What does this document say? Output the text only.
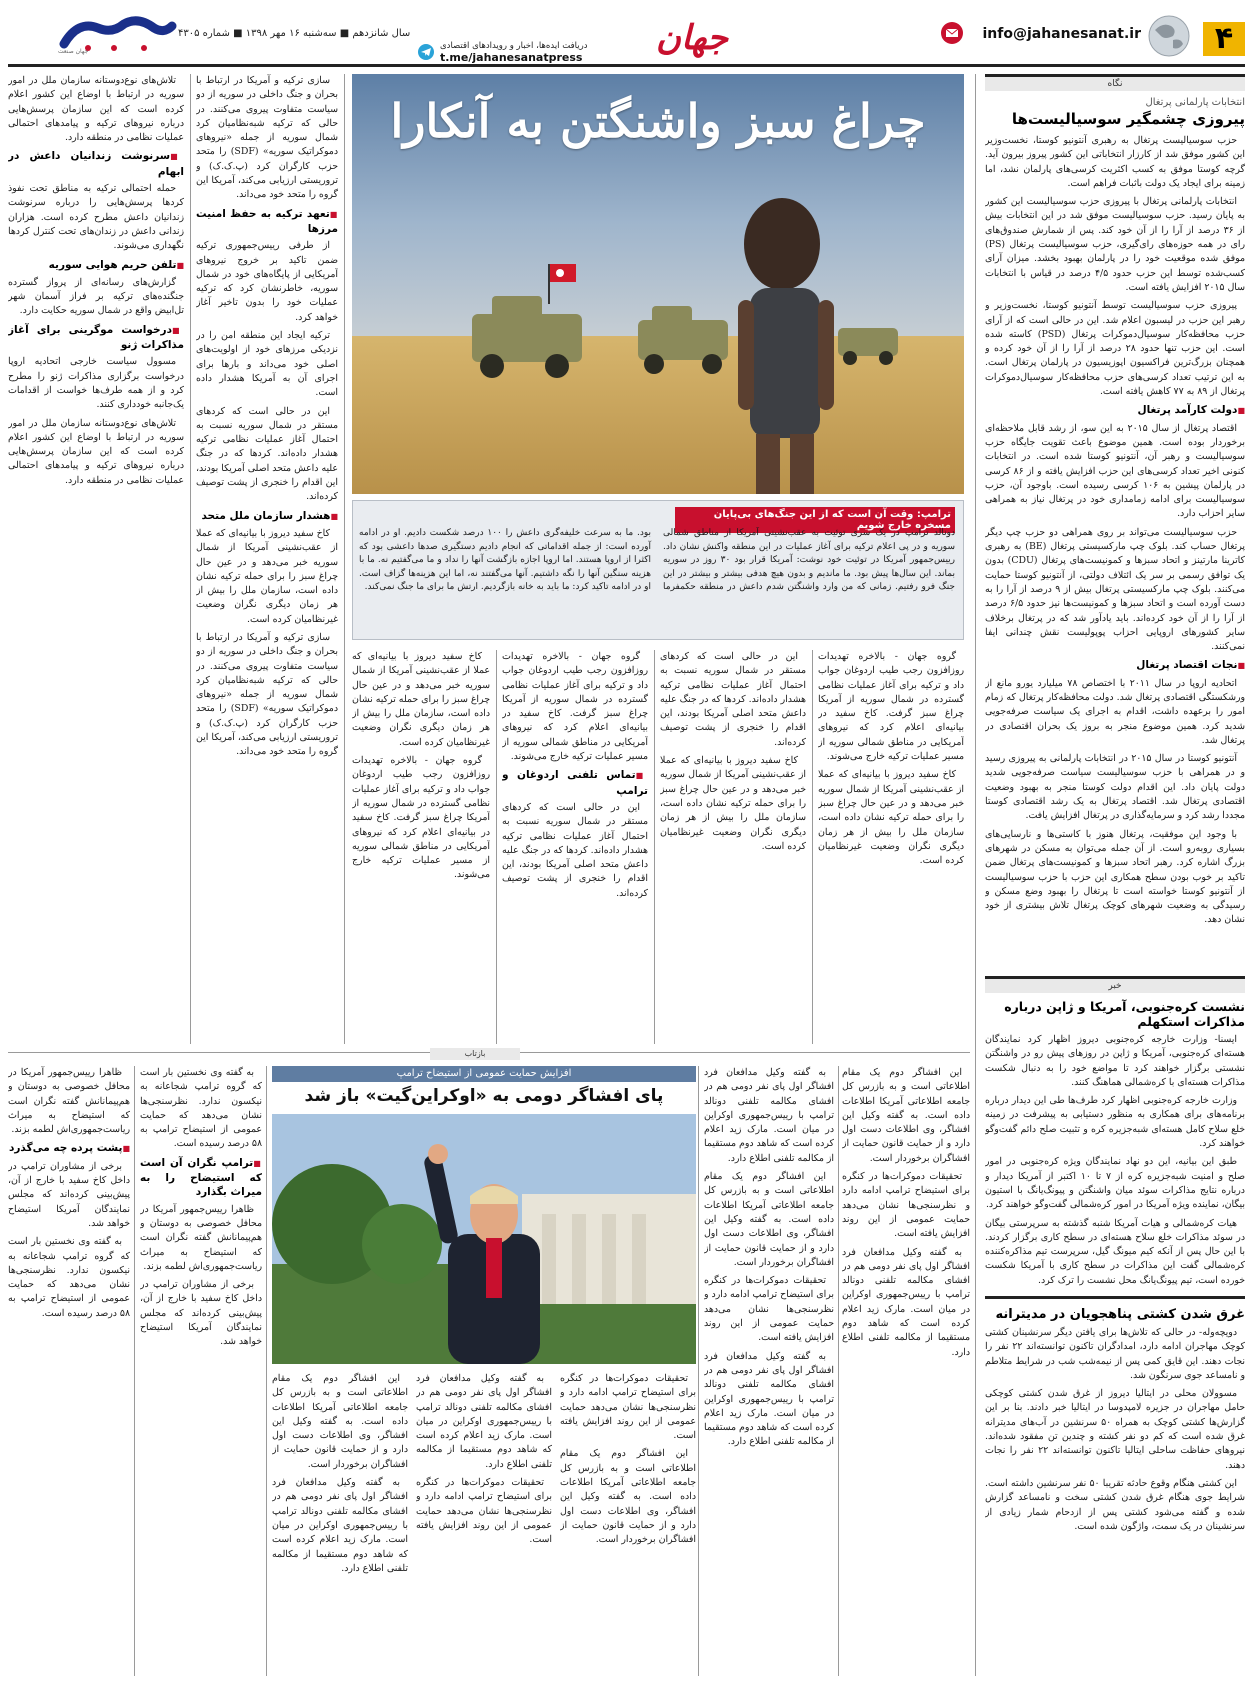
۴
info@jahanesanat.ir
جهان
دریافت ایده‌ها، اخبار و رویدادهای اقتصادی
t.me/jahanesanatpress
سال شانزدهم ■ سه‌شنبه ۱۶ مهر ۱۳۹۸ ■ شماره ۴۳۰۵
جهان صنعت
نگاه
انتخابات پارلمانی پرتغال
پیروزی چشمگیر سوسیالیست‌ها

حزب سوسیالیست پرتغال به رهبری آنتونیو کوستا، نخست‌وزیر این کشور موفق شد از کارزار انتخاباتی این کشور پیروز بیرون آید. گرچه کوستا موفق به کسب اکثریت کرسی‌های پارلمان نشد، اما زمینه برای ایجاد یک دولت باثبات فراهم است.

انتخابات پارلمانی پرتغال با پیروزی حزب سوسیالیست این کشور به پایان رسید. حزب سوسیالیست موفق شد در این انتخابات بیش از ۳۶ درصد از آرا را از آن خود کند. پس از شمارش صندوق‌های رای در همه حوزه‌های رای‌گیری، حزب سوسیالیست پرتغال (PS) موفق شده موقعیت خود را در پارلمان بهبود بخشد. میزان آرای کسب‌شده توسط این حزب حدود ۴/۵ درصد در قیاس با انتخابات سال ۲۰۱۵ افزایش یافته است.

پیروزی حزب سوسیالیست توسط آنتونیو کوستا، نخست‌وزیر و رهبر این حزب در لیسبون اعلام شد. این در حالی است که از آرای حزب محافظه‌کار سوسیال‌دموکرات پرتغال (PSD) کاسته شده است. این حزب تنها حدود ۲۸ درصد از آرا را از آن خود کرده و همچنان بزرگ‌ترین فراکسیون اپوزیسیون در پارلمان پرتغال است. به این ترتیب تعداد کرسی‌های حزب محافظه‌کار سوسیال‌دموکرات پرتغال از ۸۹ به ۷۷ کاهش یافته است.

■ دولت کارآمد پرتغال

اقتصاد پرتغال از سال ۲۰۱۵ به این سو، از رشد قابل ملاحظه‌ای برخوردار بوده است. همین موضوع باعث تقویت جایگاه حزب سوسیالیست و رهبر آن، آنتونیو کوستا شده است. در انتخابات کنونی اخیر تعداد کرسی‌های این حزب افزایش یافته و از ۸۶ کرسی در پارلمان پیشین به ۱۰۶ کرسی رسیده است. باوجود آن، حزب سوسیالیست برای ادامه زمامداری خود در پرتغال نیاز به همراهی سایر احزاب دارد.

حزب سوسیالیست می‌تواند بر روی همراهی دو حزب چپ دیگر پرتغال حساب کند. بلوک چپ مارکسیستی پرتغال (BE) به رهبری کاترینا مارتینز و اتحاد سبزها و کمونیست‌های پرتغال (CDU) بدون یک توافق رسمی بر سر یک ائتلاف دولتی، از آنتونیو کوستا حمایت می‌کنند. بلوک چپ مارکسیستی پرتغال بیش از ۹ درصد از آرا را به دست آورده است و اتحاد سبزها و کمونیست‌ها نیز حدود ۶/۵ درصد از آرا را از آن خود کرده‌اند. باید یادآور شد که در پرتغال برخلاف سایر کشورهای اروپایی احزاب پوپولیست نقش چندانی ایفا نمی‌کنند.

■ نجات اقتصاد پرتغال

اتحادیه اروپا در سال ۲۰۱۱ با اختصاص ۷۸ میلیارد یورو مانع از ورشکستگی اقتصادی پرتغال شد. دولت محافظه‌کار پرتغال که زمام امور را برعهده داشت، اقدام به اجرای یک سیاست صرفه‌جویی شدید کرد. همین موضوع منجر به بروز یک بحران اقتصادی در پرتغال شد.

آنتونیو کوستا در سال ۲۰۱۵ در انتخابات پارلمانی به پیروزی رسید و در همراهی با حزب سوسیالیست سیاست صرفه‌جویی شدید دولت پایان داد. این اقدام دولت کوستا منجر به بهبود وضعیت اقتصادی پرتغال شد. اقتصاد پرتغال به یک رشد اقتصادی کوستا مجددا رشد کرد و سرمایه‌گذاری در پرتغال افزایش یافت.

با وجود این موفقیت، پرتغال هنوز با کاستی‌ها و نارسایی‌های بسیاری روبه‌رو است. از آن جمله می‌توان به مسکن در شهرهای بزرگ اشاره کرد. رهبر اتحاد سبزها و کمونیست‌های پرتغال ضمن تاکید بر خوب بودن سطح همکاری این حزب با حزب سوسیالیست از آنتونیو کوستا خواسته است تا پرتغال را بهبود وضع مسکن و رسیدگی به وضعیت شهرهای کوچک پرتغال تلاش بیشتری از خود نشان دهد.

خبر
نشست کره‌جنوبی، آمریکا و ژاپن درباره مذاکرات استکهلم

ایسنا- وزارت خارجه کره‌جنوبی دیروز اظهار کرد نمایندگان هسته‌ای کره‌جنوبی، آمریکا و ژاپن در روزهای پیش رو در واشنگتن نشستی برگزار خواهند کرد تا مواضع خود را به دنبال شکست مذاکرات هسته‌ای با کره‌شمالی هماهنگ کنند.

وزارت خارجه کره‌جنوبی اظهار کرد طرف‌ها طی این دیدار درباره برنامه‌های برای همکاری به منظور دستیابی به پیشرفت در زمینه خلع سلاح کامل هسته‌ای شبه‌جزیره کره و تثبیت صلح دائم گفت‌وگو خواهند کرد.

طبق این بیانیه، این دو نهاد نمایندگان ویژه کره‌جنوبی در امور صلح و امنیت شبه‌جزیره کره از ۷ تا ۱۰ اکتبر از آمریکا دیدار و درباره نتایج مذاکرات سوئد میان واشنگتن و پیونگ‌یانگ با استیون بیگان، نماینده ویژه آمریکا در امور کره‌شمالی گفت‌وگو خواهند کرد.

هیات کره‌شمالی و هیات آمریکا شنبه گذشته به سرپرستی بیگان در سوئد مذاکرات خلع سلاح هسته‌ای در سطح کاری برگزار کردند. با این حال پس از آنکه کیم میونگ گیل، سرپرست تیم مذاکره‌کننده کره‌شمالی گفت این مذاکرات در سطح کاری با آمریکا شکست خورده است، تیم پیونگ‌یانگ محل نشست را ترک کرد.

غرق شدن کشتی پناهجویان در مدیترانه

دویچه‌وله- در حالی که تلاش‌ها برای یافتن دیگر سرنشینان کشتی کوچک مهاجران ادامه دارد، امدادگران تاکنون توانسته‌اند ۲۲ نفر را نجات دهند. این قایق کمی پس از نیمه‌شب شب در شرایط متلاطم و نامساعد جوی سرنگون شد.

مسوولان محلی در ایتالیا دیروز از غرق شدن کشتی کوچکی حامل مهاجران در جزیره لامپدوسا در ایتالیا خبر دادند. بنا بر این گزارش‌ها کشتی کوچک به همراه ۵۰ سرنشین در آب‌های مدیترانه غرق شده است که کم دو نفر کشته و چندین تن مفقود شده‌اند. نیروهای حفاظت ساحلی ایتالیا تاکنون توانسته‌اند ۲۲ نفر را نجات دهند.

این کشتی هنگام وقوع حادثه تقریبا ۵۰ نفر سرنشین داشته است. شرایط جوی هنگام غرق شدن کشتی سخت و نامساعد گزارش شده و گفته می‌شود کشتی پس از ازدحام شمار زیادی از سرنشینان در یک سمت، واژگون شده است.

چراغ سبز واشنگتن به آنکارا
ترامپ: وقت آن است که از این جنگ‌های بی‌پایان مسخره خارج شویم
دونالد ترامپ در یک سری توئیت به عقب‌نشینی آمریکا از مناطق شمالی سوریه و در پی اعلام ترکیه برای آغاز عملیات در این منطقه واکنش نشان داد. رییس‌جمهور آمریکا در توئیت خود نوشت: آمریکا قرار بود ۳۰ روز در سوریه بماند. این سال‌ها پیش بود. ما ماندیم و بدون هیچ هدفی بیشتر و بیشتر در این جنگ فرو رفتیم. زمانی که من وارد واشنگتن شدم داعش در منطقه حکمفرما بود. ما به سرعت خلیفه‌گری داعش را ۱۰۰ درصد شکست دادیم. او در ادامه آورده است: از جمله اقداماتی که انجام دادیم دستگیری صدها داعشی بود که اکثرا از اروپا هستند. اما اروپا اجازه بازگشت آنها را نداد و ما می‌گفتیم نه. ما با هزینه سنگین آنها را نگه داشتیم. آنها می‌گفتند نه، اما این هزینه‌ها گزاف است. او در ادامه تاکید کرد: ما باید به خانه بازگردیم. ارتش ما برای ما جنگ نمی‌کند.

گروه جهان - بالاخره تهدیدات روزافزون رجب طیب اردوغان جواب داد و ترکیه برای آغاز عملیات نظامی گسترده در شمال سوریه از آمریکا چراغ سبز گرفت. کاخ سفید در بیانیه‌ای اعلام کرد که نیروهای آمریکایی در مناطق شمالی سوریه از مسیر عملیات ترکیه خارج می‌شوند.

کاخ سفید دیروز با بیانیه‌ای که عملا از عقب‌نشینی آمریکا از شمال سوریه خبر می‌دهد و در عین حال چراغ سبز را برای حمله ترکیه نشان داده است، سازمان ملل را بیش از هر زمان دیگری نگران وضعیت غیرنظامیان کرده است.

این در حالی است که کردهای مستقر در شمال سوریه نسبت به احتمال آغاز عملیات نظامی ترکیه هشدار داده‌اند. کردها که در جنگ علیه داعش متحد اصلی آمریکا بودند، این اقدام را خنجری از پشت توصیف کرده‌اند.

کاخ سفید دیروز با بیانیه‌ای که عملا از عقب‌نشینی آمریکا از شمال سوریه خبر می‌دهد و در عین حال چراغ سبز را برای حمله ترکیه نشان داده است، سازمان ملل را بیش از هر زمان دیگری نگران وضعیت غیرنظامیان کرده است.

گروه جهان - بالاخره تهدیدات روزافزون رجب طیب اردوغان جواب داد و ترکیه برای آغاز عملیات نظامی گسترده در شمال سوریه از آمریکا چراغ سبز گرفت. کاخ سفید در بیانیه‌ای اعلام کرد که نیروهای آمریکایی در مناطق شمالی سوریه از مسیر عملیات ترکیه خارج می‌شوند.

■ تماس تلفنی اردوغان و ترامپ

این در حالی است که کردهای مستقر در شمال سوریه نسبت به احتمال آغاز عملیات نظامی ترکیه هشدار داده‌اند. کردها که در جنگ علیه داعش متحد اصلی آمریکا بودند، این اقدام را خنجری از پشت توصیف کرده‌اند.

کاخ سفید دیروز با بیانیه‌ای که عملا از عقب‌نشینی آمریکا از شمال سوریه خبر می‌دهد و در عین حال چراغ سبز را برای حمله ترکیه نشان داده است، سازمان ملل را بیش از هر زمان دیگری نگران وضعیت غیرنظامیان کرده است.

گروه جهان - بالاخره تهدیدات روزافزون رجب طیب اردوغان جواب داد و ترکیه برای آغاز عملیات نظامی گسترده در شمال سوریه از آمریکا چراغ سبز گرفت. کاخ سفید در بیانیه‌ای اعلام کرد که نیروهای آمریکایی در مناطق شمالی سوریه از مسیر عملیات ترکیه خارج می‌شوند.

سازی ترکیه و آمریکا در ارتباط با بحران و جنگ داخلی در سوریه از دو سیاست متفاوت پیروی می‌کنند. در حالی که ترکیه شبه‌نظامیان کرد شمال سوریه از جمله «نیروهای دموکراتیک سوریه» (SDF) را متحد حزب کارگران کرد (پ.ک.ک) و تروریستی ارزیابی می‌کند، آمریکا این گروه را متحد خود می‌داند.

■ تعهد ترکیه به حفظ امنیت مرزها

از طرفی رییس‌جمهوری ترکیه ضمن تاکید بر خروج نیروهای آمریکایی از پایگاه‌های خود در شمال سوریه، خاطرنشان کرد که ترکیه عملیات خود را بدون تاخیر آغاز خواهد کرد.

ترکیه ایجاد این منطقه امن را در نزدیکی مرزهای خود از اولویت‌های اصلی خود می‌داند و بارها برای اجرای آن به آمریکا هشدار داده است.

این در حالی است که کردهای مستقر در شمال سوریه نسبت به احتمال آغاز عملیات نظامی ترکیه هشدار داده‌اند. کردها که در جنگ علیه داعش متحد اصلی آمریکا بودند، این اقدام را خنجری از پشت توصیف کرده‌اند.

■ هشدار سازمان ملل متحد

کاخ سفید دیروز با بیانیه‌ای که عملا از عقب‌نشینی آمریکا از شمال سوریه خبر می‌دهد و در عین حال چراغ سبز را برای حمله ترکیه نشان داده است، سازمان ملل را بیش از هر زمان دیگری نگران وضعیت غیرنظامیان کرده است.

سازی ترکیه و آمریکا در ارتباط با بحران و جنگ داخلی در سوریه از دو سیاست متفاوت پیروی می‌کنند. در حالی که ترکیه شبه‌نظامیان کرد شمال سوریه از جمله «نیروهای دموکراتیک سوریه» (SDF) را متحد حزب کارگران کرد (پ.ک.ک) و تروریستی ارزیابی می‌کند، آمریکا این گروه را متحد خود می‌داند.

تلاش‌های نوع‌دوستانه سازمان ملل در امور سوریه در ارتباط با اوضاع این کشور اعلام کرده است که این سازمان پرسش‌هایی درباره نیروهای ترکیه و پیامدهای احتمالی عملیات نظامی در منطقه دارد.

■ سرنوشت زندانیان داعش در ابهام

حمله احتمالی ترکیه به مناطق تحت نفوذ کردها پرسش‌هایی را درباره سرنوشت زندانیان داعش مطرح کرده است. هزاران زندانی داعش در زندان‌های تحت کنترل کردها نگهداری می‌شوند.

■ تلفن حریم هوایی سوریه

گزارش‌های رسانه‌ای از پرواز گسترده جنگنده‌های ترکیه بر فراز آسمان شهر تل‌ابیض واقع در شمال سوریه حکایت دارد.

■ درخواست موگرینی برای آغاز مذاکرات ژنو

مسوول سیاست خارجی اتحادیه اروپا درخواست برگزاری مذاکرات ژنو را مطرح کرد و از همه طرف‌ها خواست از اقدامات یک‌جانبه خودداری کنند.

تلاش‌های نوع‌دوستانه سازمان ملل در امور سوریه در ارتباط با اوضاع این کشور اعلام کرده است که این سازمان پرسش‌هایی درباره نیروهای ترکیه و پیامدهای احتمالی عملیات نظامی در منطقه دارد.

بازتاب
افزایش حمایت عمومی از استیضاح ترامپ
پای افشاگر دومی به «اوکراین‌گیت» باز شد

به گفته وکیل مدافعان فرد افشاگر اول پای نفر دومی هم در افشای مکالمه تلفنی دونالد ترامپ با رییس‌جمهوری اوکراین در میان است. مارک زید اعلام کرده است که شاهد دوم مستقیما از مکالمه تلفنی اطلاع دارد.

این افشاگر دوم یک مقام اطلاعاتی است و به بازرس کل جامعه اطلاعاتی آمریکا اطلاعات داده است. به گفته وکیل این افشاگر، وی اطلاعات دست اول دارد و از حمایت قانون حمایت از افشاگران برخوردار است.

تحقیقات دموکرات‌ها در کنگره برای استیضاح ترامپ ادامه دارد و نظرسنجی‌ها نشان می‌دهد حمایت عمومی از این روند افزایش یافته است.

به گفته وکیل مدافعان فرد افشاگر اول پای نفر دومی هم در افشای مکالمه تلفنی دونالد ترامپ با رییس‌جمهوری اوکراین در میان است. مارک زید اعلام کرده است که شاهد دوم مستقیما از مکالمه تلفنی اطلاع دارد.

این افشاگر دوم یک مقام اطلاعاتی است و به بازرس کل جامعه اطلاعاتی آمریکا اطلاعات داده است. به گفته وکیل این افشاگر، وی اطلاعات دست اول دارد و از حمایت قانون حمایت از افشاگران برخوردار است.

تحقیقات دموکرات‌ها در کنگره برای استیضاح ترامپ ادامه دارد و نظرسنجی‌ها نشان می‌دهد حمایت عمومی از این روند افزایش یافته است.

به گفته وکیل مدافعان فرد افشاگر اول پای نفر دومی هم در افشای مکالمه تلفنی دونالد ترامپ با رییس‌جمهوری اوکراین در میان است. مارک زید اعلام کرده است که شاهد دوم مستقیما از مکالمه تلفنی اطلاع دارد.

تحقیقات دموکرات‌ها در کنگره برای استیضاح ترامپ ادامه دارد و نظرسنجی‌ها نشان می‌دهد حمایت عمومی از این روند افزایش یافته است.

این افشاگر دوم یک مقام اطلاعاتی است و به بازرس کل جامعه اطلاعاتی آمریکا اطلاعات داده است. به گفته وکیل این افشاگر، وی اطلاعات دست اول دارد و از حمایت قانون حمایت از افشاگران برخوردار است.

به گفته وکیل مدافعان فرد افشاگر اول پای نفر دومی هم در افشای مکالمه تلفنی دونالد ترامپ با رییس‌جمهوری اوکراین در میان است. مارک زید اعلام کرده است که شاهد دوم مستقیما از مکالمه تلفنی اطلاع دارد.

تحقیقات دموکرات‌ها در کنگره برای استیضاح ترامپ ادامه دارد و نظرسنجی‌ها نشان می‌دهد حمایت عمومی از این روند افزایش یافته است.

این افشاگر دوم یک مقام اطلاعاتی است و به بازرس کل جامعه اطلاعاتی آمریکا اطلاعات داده است. به گفته وکیل این افشاگر، وی اطلاعات دست اول دارد و از حمایت قانون حمایت از افشاگران برخوردار است.

به گفته وکیل مدافعان فرد افشاگر اول پای نفر دومی هم در افشای مکالمه تلفنی دونالد ترامپ با رییس‌جمهوری اوکراین در میان است. مارک زید اعلام کرده است که شاهد دوم مستقیما از مکالمه تلفنی اطلاع دارد.

به گفته وی نخستین بار است که گروه ترامپ شجاعانه به نیکسون ندارد. نظرسنجی‌ها نشان می‌دهد که حمایت عمومی از استیضاح ترامپ به ۵۸ درصد رسیده است.

■ ترامپ نگران آن است که استیضاح را به میراث بگذارد

ظاهرا رییس‌جمهور آمریکا در محافل خصوصی به دوستان و هم‌پیمانانش گفته نگران است که استیضاح به میراث ریاست‌جمهوری‌اش لطمه بزند.

برخی از مشاوران ترامپ در داخل کاخ سفید با خارج از آن، پیش‌بینی کرده‌اند که مجلس نمایندگان آمریکا استیضاح خواهد شد.

ظاهرا رییس‌جمهور آمریکا در محافل خصوصی به دوستان و هم‌پیمانانش گفته نگران است که استیضاح به میراث ریاست‌جمهوری‌اش لطمه بزند.

■ پشت پرده چه می‌گذرد

برخی از مشاوران ترامپ در داخل کاخ سفید با خارج از آن، پیش‌بینی کرده‌اند که مجلس نمایندگان آمریکا استیضاح خواهد شد.

به گفته وی نخستین بار است که گروه ترامپ شجاعانه به نیکسون ندارد. نظرسنجی‌ها نشان می‌دهد که حمایت عمومی از استیضاح ترامپ به ۵۸ درصد رسیده است.
